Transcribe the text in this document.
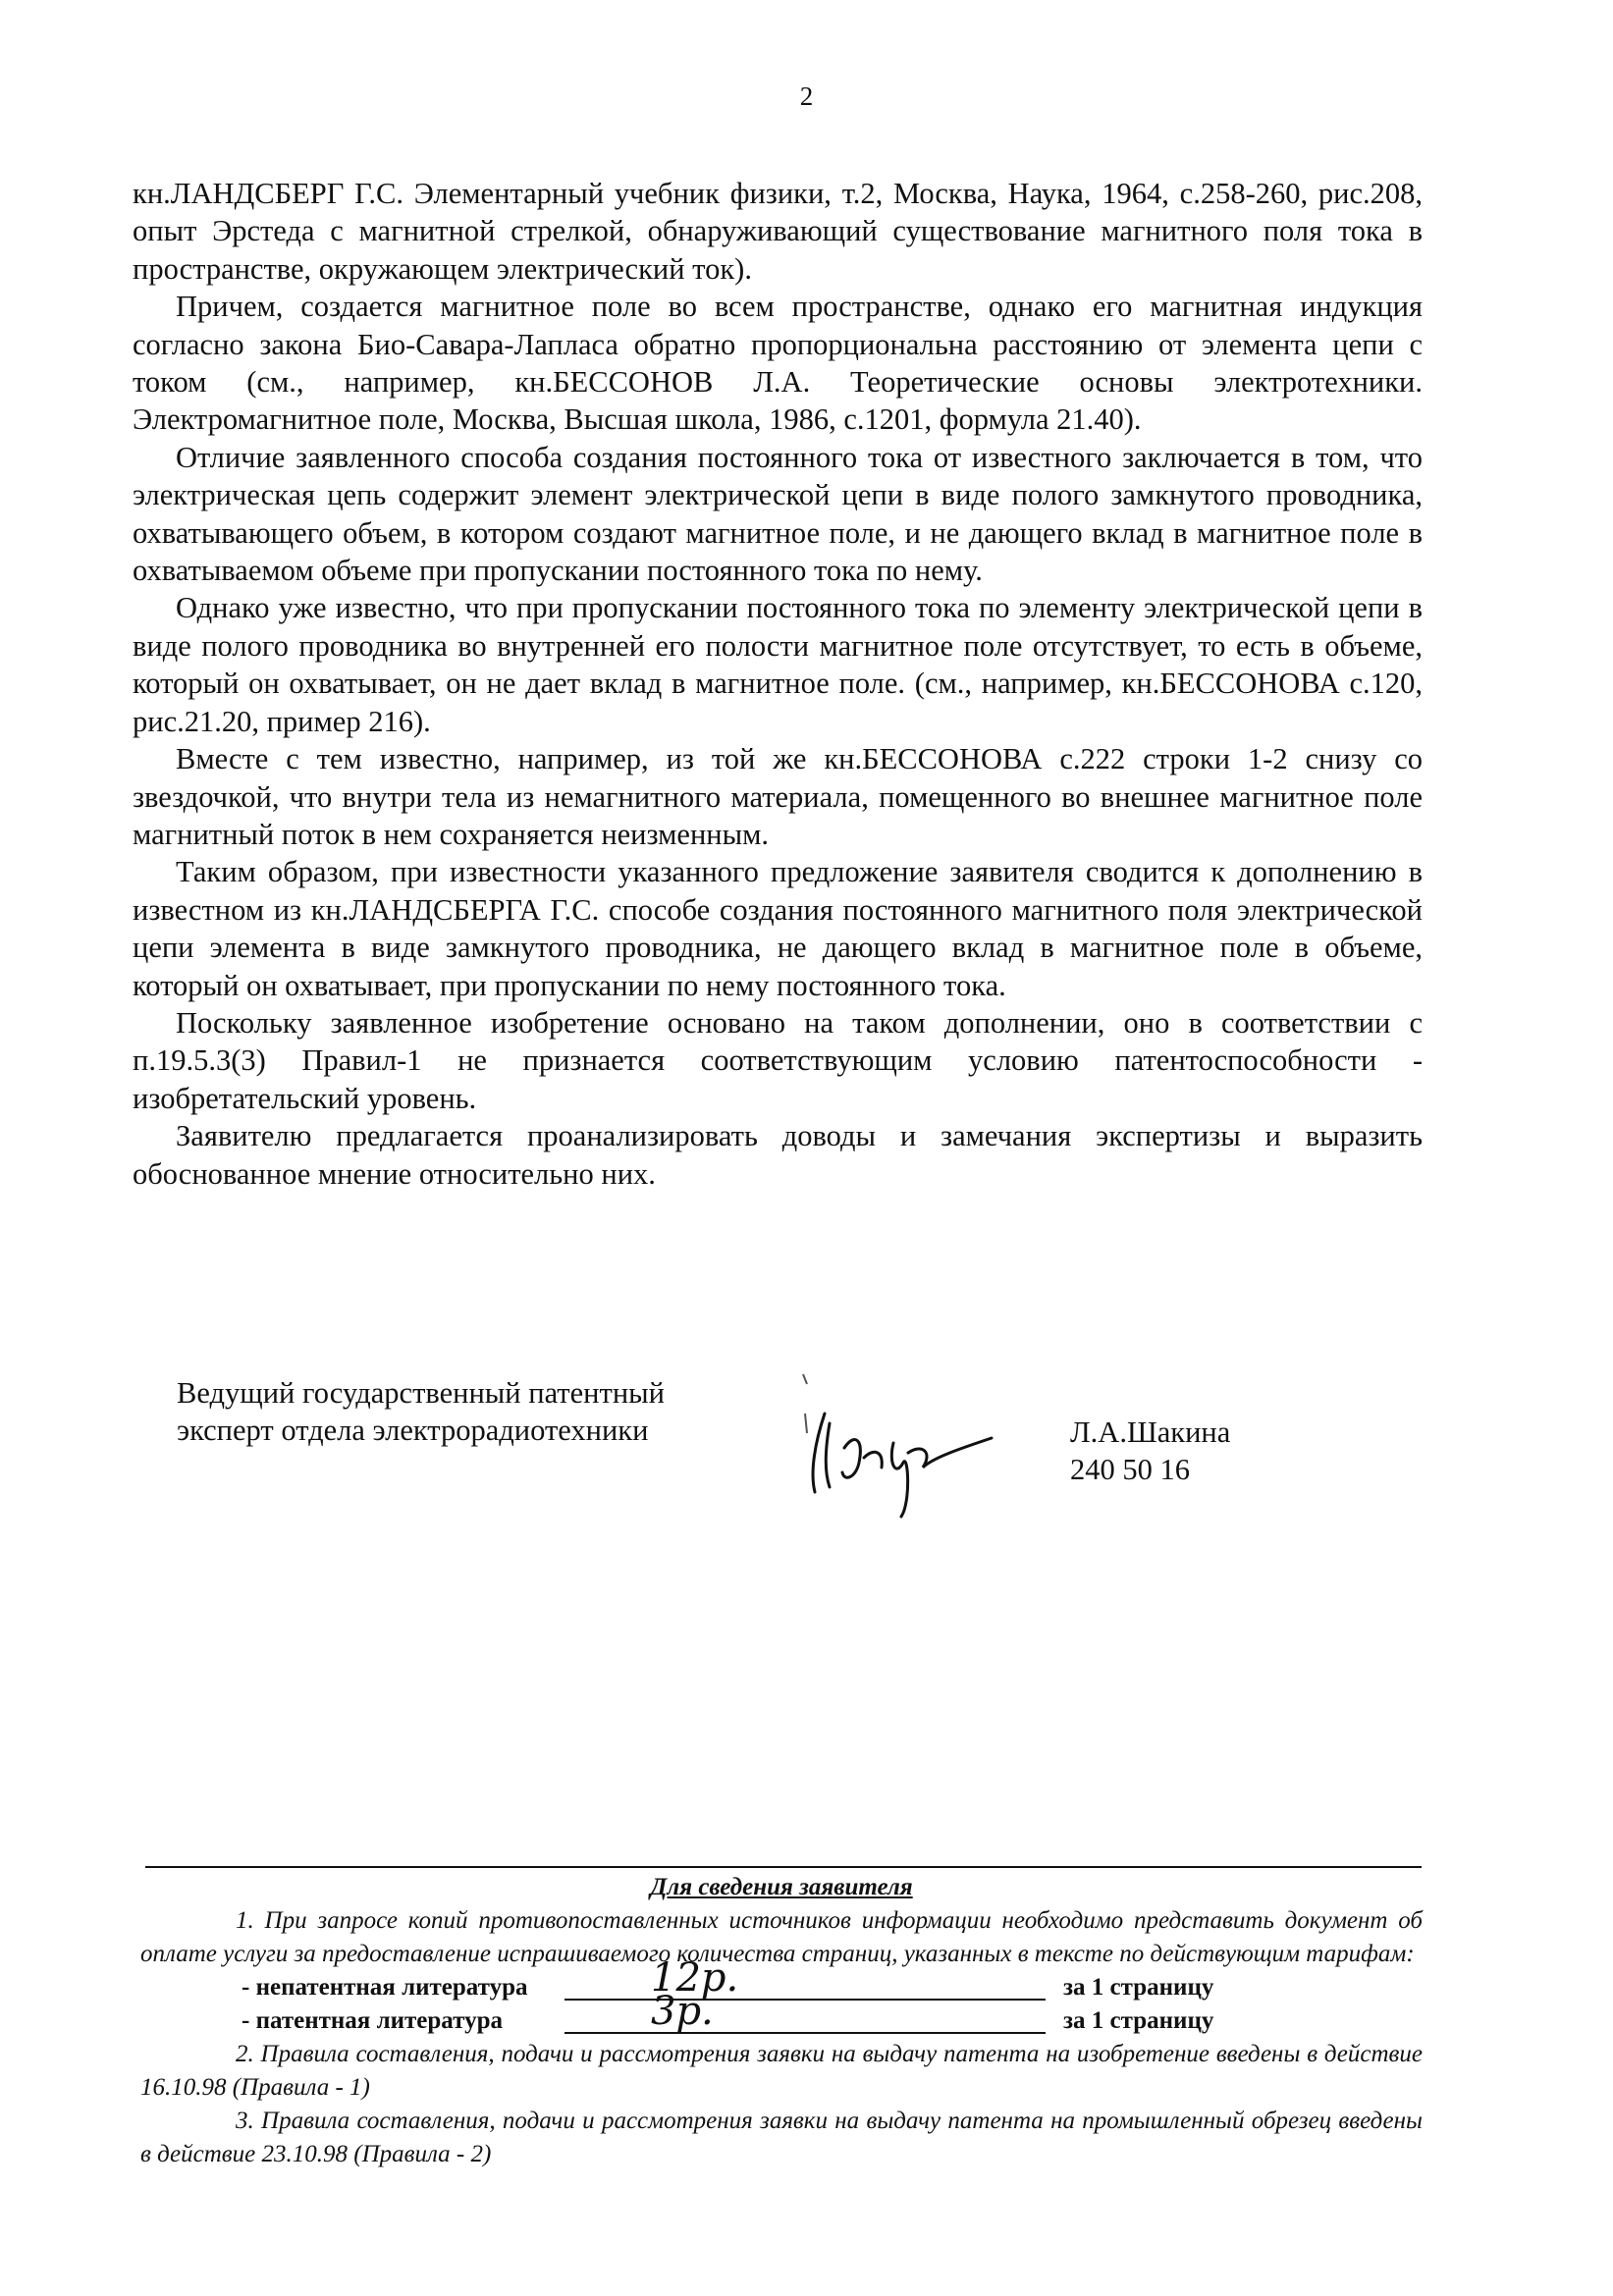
2

кн.ЛАНДСБЕРГ Г.С. Элементарный учебник физики, т.2, Москва, Наука, 1964, с.258-260, рис.208, опыт Эрстеда с магнитной стрелкой, обнаруживающий существование магнитного поля тока в пространстве, окружающем электрический ток).

Причем, создается магнитное поле во всем пространстве, однако его магнитная индукция согласно закона Био-Савара-Лапласа обратно пропорциональна расстоянию от элемента цепи с током (см., например, кн.БЕССОНОВ Л.А. Теоретические основы электротехники. Электромагнитное поле, Москва, Высшая школа, 1986, с.1201, формула 21.40).

Отличие заявленного способа создания постоянного тока от известного заключается в том, что электрическая цепь содержит элемент электрической цепи в виде полого замкнутого проводника, охватывающего объем, в котором создают магнитное поле, и не дающего вклад в магнитное поле в охватываемом объеме при пропускании постоянного тока по нему.

Однако уже известно, что при пропускании постоянного тока по элементу электрической цепи в виде полого проводника во внутренней его полости магнитное поле отсутствует, то есть в объеме, который он охватывает, он не дает вклад в магнитное поле. (см., например, кн.БЕССОНОВА с.120, рис.21.20, пример 216).

Вместе с тем известно, например, из той же кн.БЕССОНОВА с.222 строки 1-2 снизу со звездочкой, что внутри тела из немагнитного материала, помещенного во внешнее магнитное поле магнитный поток в нем сохраняется неизменным.

Таким образом, при известности указанного предложение заявителя сводится к дополнению в известном из кн.ЛАНДСБЕРГА Г.С. способе создания постоянного магнитного поля электрической цепи элемента в виде замкнутого проводника, не дающего вклад в магнитное поле в объеме, который он охватывает, при пропускании по нему постоянного тока.

Поскольку заявленное изобретение основано на таком дополнении, оно в соответствии с п.19.5.3(3) Правил-1 не признается соответствующим условию патентоспособности - изобретательский уровень.

Заявителю предлагается проанализировать доводы и замечания экспертизы и выразить обоснованное мнение относительно них.

Ведущий государственный патентный
эксперт отдела электрорадиотехники	Л.А.Шакина
240 50 16
Для сведения заявителя

1. При запросе копий противопоставленных источников информации необходимо представить документ об оплате услуги за предоставление испрашиваемого количества страниц, указанных в тексте по действующим тарифам:

- непатентная литература	12р.	за 1 страницу
- патентная литература	3р.	за 1 страницу

2. Правила составления, подачи и рассмотрения заявки на выдачу патента на изобретение введены в действие 16.10.98 (Правила - 1)

3. Правила составления, подачи и рассмотрения заявки на выдачу патента на промышленный обрезец введены в действие 23.10.98 (Правила - 2)
